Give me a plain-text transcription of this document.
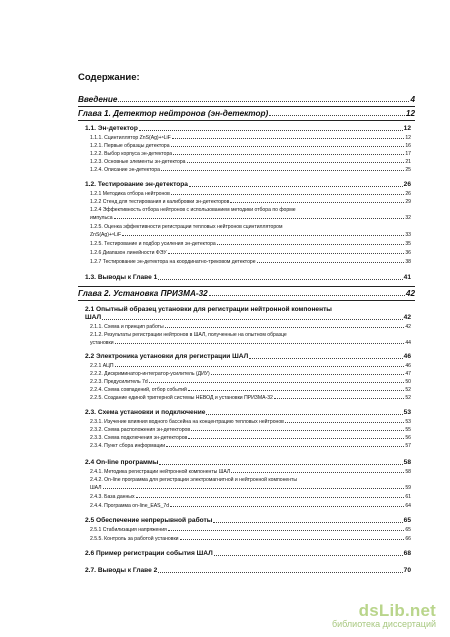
Содержание:
Введение	4
Глава 1. Детектор нейтронов (эн-детектор)	12
1.1. Эн-детектор	12
1.1.1. Сцинтиллятор ZnS(Ag)+⁶LiF	12
1.2.1. Первые образцы детектора	16
1.2.2. Выбор корпуса эн-детектора	17
1.2.3. Основные элементы эн-детектора	21
1.2.4. Описание эн-детектора	25
1.2. Тестирование эн-детектора	26
1.2.1 Методика отбора нейтронов	26
1.2.2 Стенд для тестирования и калибровки эн-детекторов	29
1.2.4 Эффективность отбора нейтронов с использованием методики отбора по форме
импульса	32
1.2.5. Оценка эффективности регистрации тепловых нейтронов сцинтиллятором
ZnS(Ag)+⁶LiF	33
1.2.5. Тестирование и подбор усиления эн-детектора	35
1.2.6 Диапазон линейности ФЭУ	36
1.2.7 Тестирование эн-детектора на координатно-трековом детекторе	38
1.3. Выводы к Главе 1	41
Глава 2. Установка ПРИЗМА-32	42
2.1 Опытный образец установки для регистрации нейтронной компоненты
ШАЛ	42
2.1.1. Схема и принцип работы	42
2.1.2. Результаты регистрации нейтронов в ШАЛ, полученные на опытном образце
установки	44
2.2 Электроника установки для регистрации ШАЛ	46
2.2.1 АЦП	46
2.2.2. Дискриминатор-интегратор-усилитель (ДИУ)	47
2.2.3. Предусилитель 7d	50
2.2.4. Схема совпадений, отбор событий	52
2.2.5. Создание единой триггерной системы НЕВОД и установки ПРИЗМА-32	52
2.3. Схема установки и подключение	53
2.3.1. Изучение влияния водного бассейна на концентрацию тепловых нейтронов	53
2.3.2. Схема расположения эн-детекторов	55
2.3.3. Схема подключения эн-детекторов	56
2.3.4. Пункт сбора информации	57
2.4 On-line программы	58
2.4.1. Методика регистрации нейтронной компоненты ШАЛ	58
2.4.2. On-line программа для регистрации электромагнитной и нейтронной компоненты
ШАЛ	59
2.4.3. База данных	61
2.4.4. Программа on-line_EAS_7d	64
2.5 Обеспечение непрерывной работы	65
2.5.1 Стабилизация напряжения	65
2.5.5. Контроль за работой установки	66
2.6 Пример регистрации события ШАЛ	68
2.7. Выводы к Главе 2	70
dsLib.net
библиотека диссертаций
